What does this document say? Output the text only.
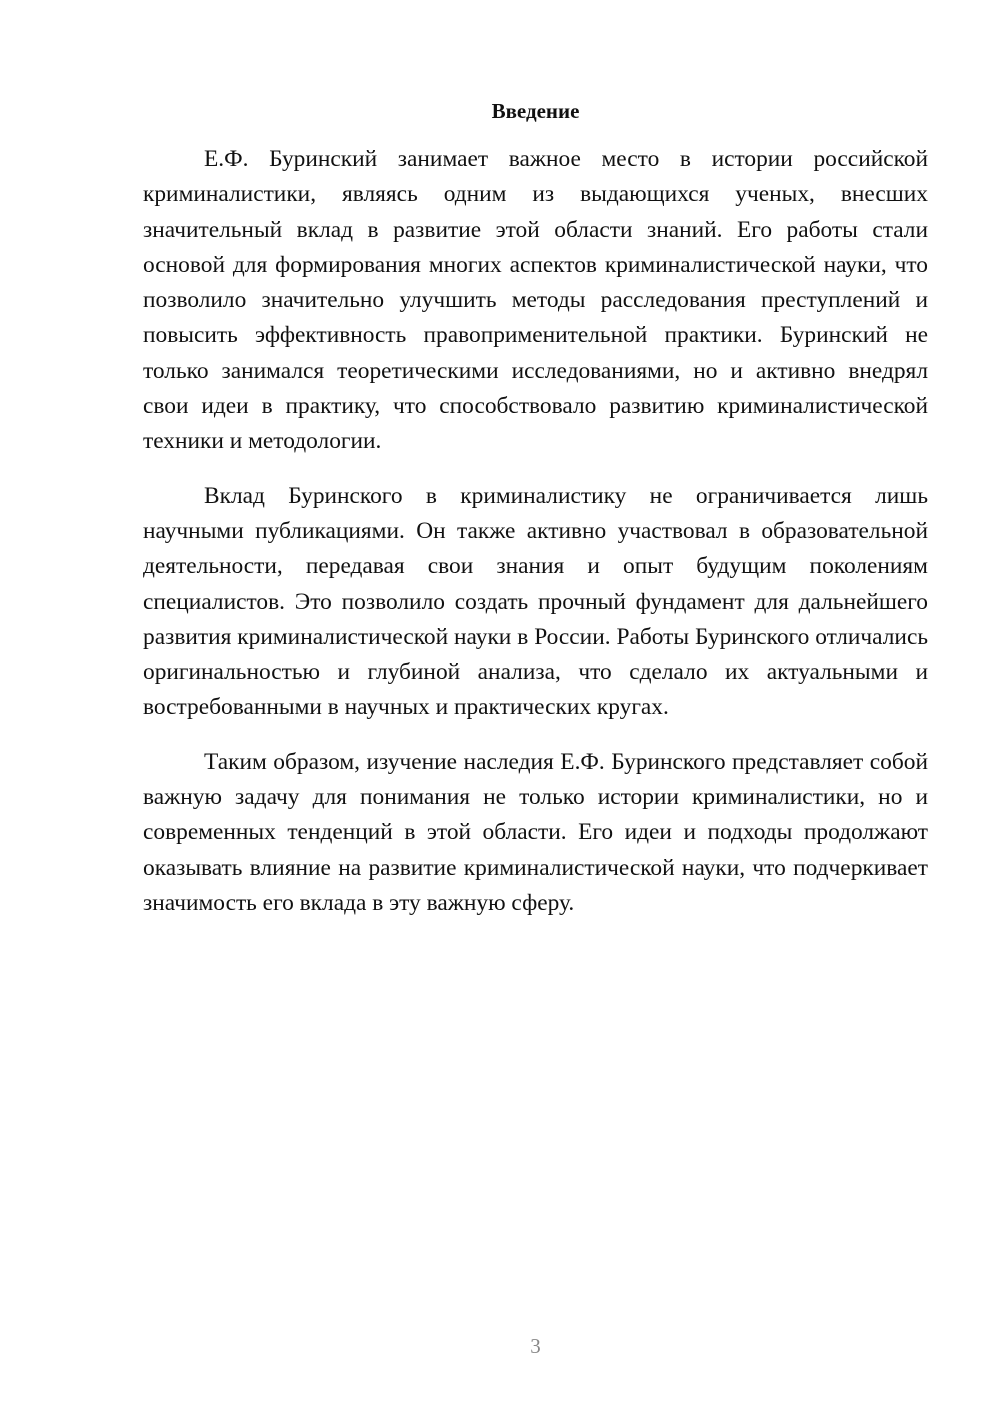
Введение

Е.Ф. Буринский занимает важное место в истории российской криминалистики, являясь одним из выдающихся ученых, внесших значительный вклад в развитие этой области знаний. Его работы стали основой для формирования многих аспектов криминалистической науки, что позволило значительно улучшить методы расследования преступлений и повысить эффективность правоприменительной практики. Буринский не только занимался теоретическими исследованиями, но и активно внедрял свои идеи в практику, что способствовало развитию криминалистической техники и методологии.

Вклад Буринского в криминалистику не ограничивается лишь научными публикациями. Он также активно участвовал в образовательной деятельности, передавая свои знания и опыт будущим поколениям специалистов. Это позволило создать прочный фундамент для дальнейшего развития криминалистической науки в России. Работы Буринского отличались оригинальностью и глубиной анализа, что сделало их актуальными и востребованными в научных и практических кругах.

Таким образом, изучение наследия Е.Ф. Буринского представляет собой важную задачу для понимания не только истории криминалистики, но и современных тенденций в этой области. Его идеи и подходы продолжают оказывать влияние на развитие криминалистической науки, что подчеркивает значимость его вклада в эту важную сферу.

3
